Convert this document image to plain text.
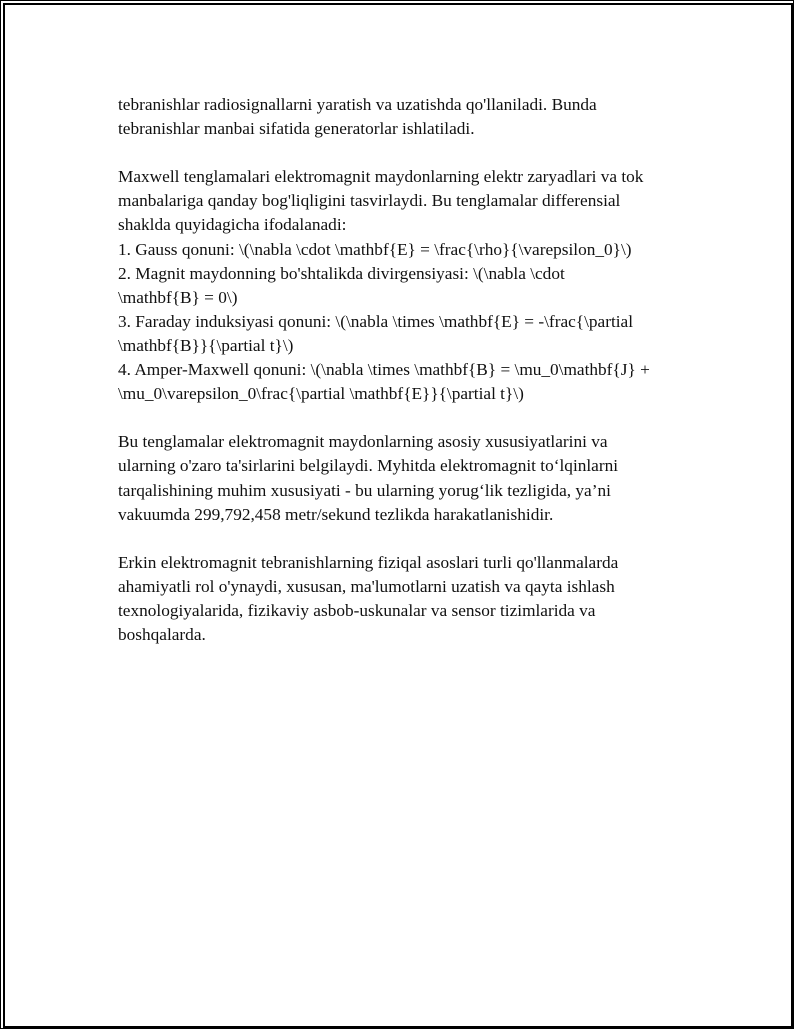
tebranishlar radiosignallarni yaratish va uzatishda qo'llaniladi. Bunda
tebranishlar manbai sifatida generatorlar ishlatiladi.
Maxwell tenglamalari elektromagnit maydonlarning elektr zaryadlari va tok
manbalariga qanday bog'liqligini tasvirlaydi. Bu tenglamalar differensial
shaklda quyidagicha ifodalanadi:
1. Gauss qonuni: \(\nabla \cdot \mathbf{E} = \frac{\rho}{\varepsilon_0}\)
2. Magnit maydonning bo'shtalikda divirgensiyasi: \(\nabla \cdot
\mathbf{B} = 0\)
3. Faraday induksiyasi qonuni: \(\nabla \times \mathbf{E} = -\frac{\partial
\mathbf{B}}{\partial t}\)
4. Amper-Maxwell qonuni: \(\nabla \times \mathbf{B} = \mu_0\mathbf{J} +
\mu_0\varepsilon_0\frac{\partial \mathbf{E}}{\partial t}\)
Bu tenglamalar elektromagnit maydonlarning asosiy xususiyatlarini va
ularning o'zaro ta'sirlarini belgilaydi. Myhitda elektromagnit to‘lqinlarni
tarqalishining muhim xususiyati - bu ularning yorug‘lik tezligida, ya’ni
vakuumda 299,792,458 metr/sekund tezlikda harakatlanishidir.
Erkin elektromagnit tebranishlarning fiziqal asoslari turli qo'llanmalarda
ahamiyatli rol o'ynaydi, xususan, ma'lumotlarni uzatish va qayta ishlash
texnologiyalarida, fizikaviy asbob-uskunalar va sensor tizimlarida va
boshqalarda.
